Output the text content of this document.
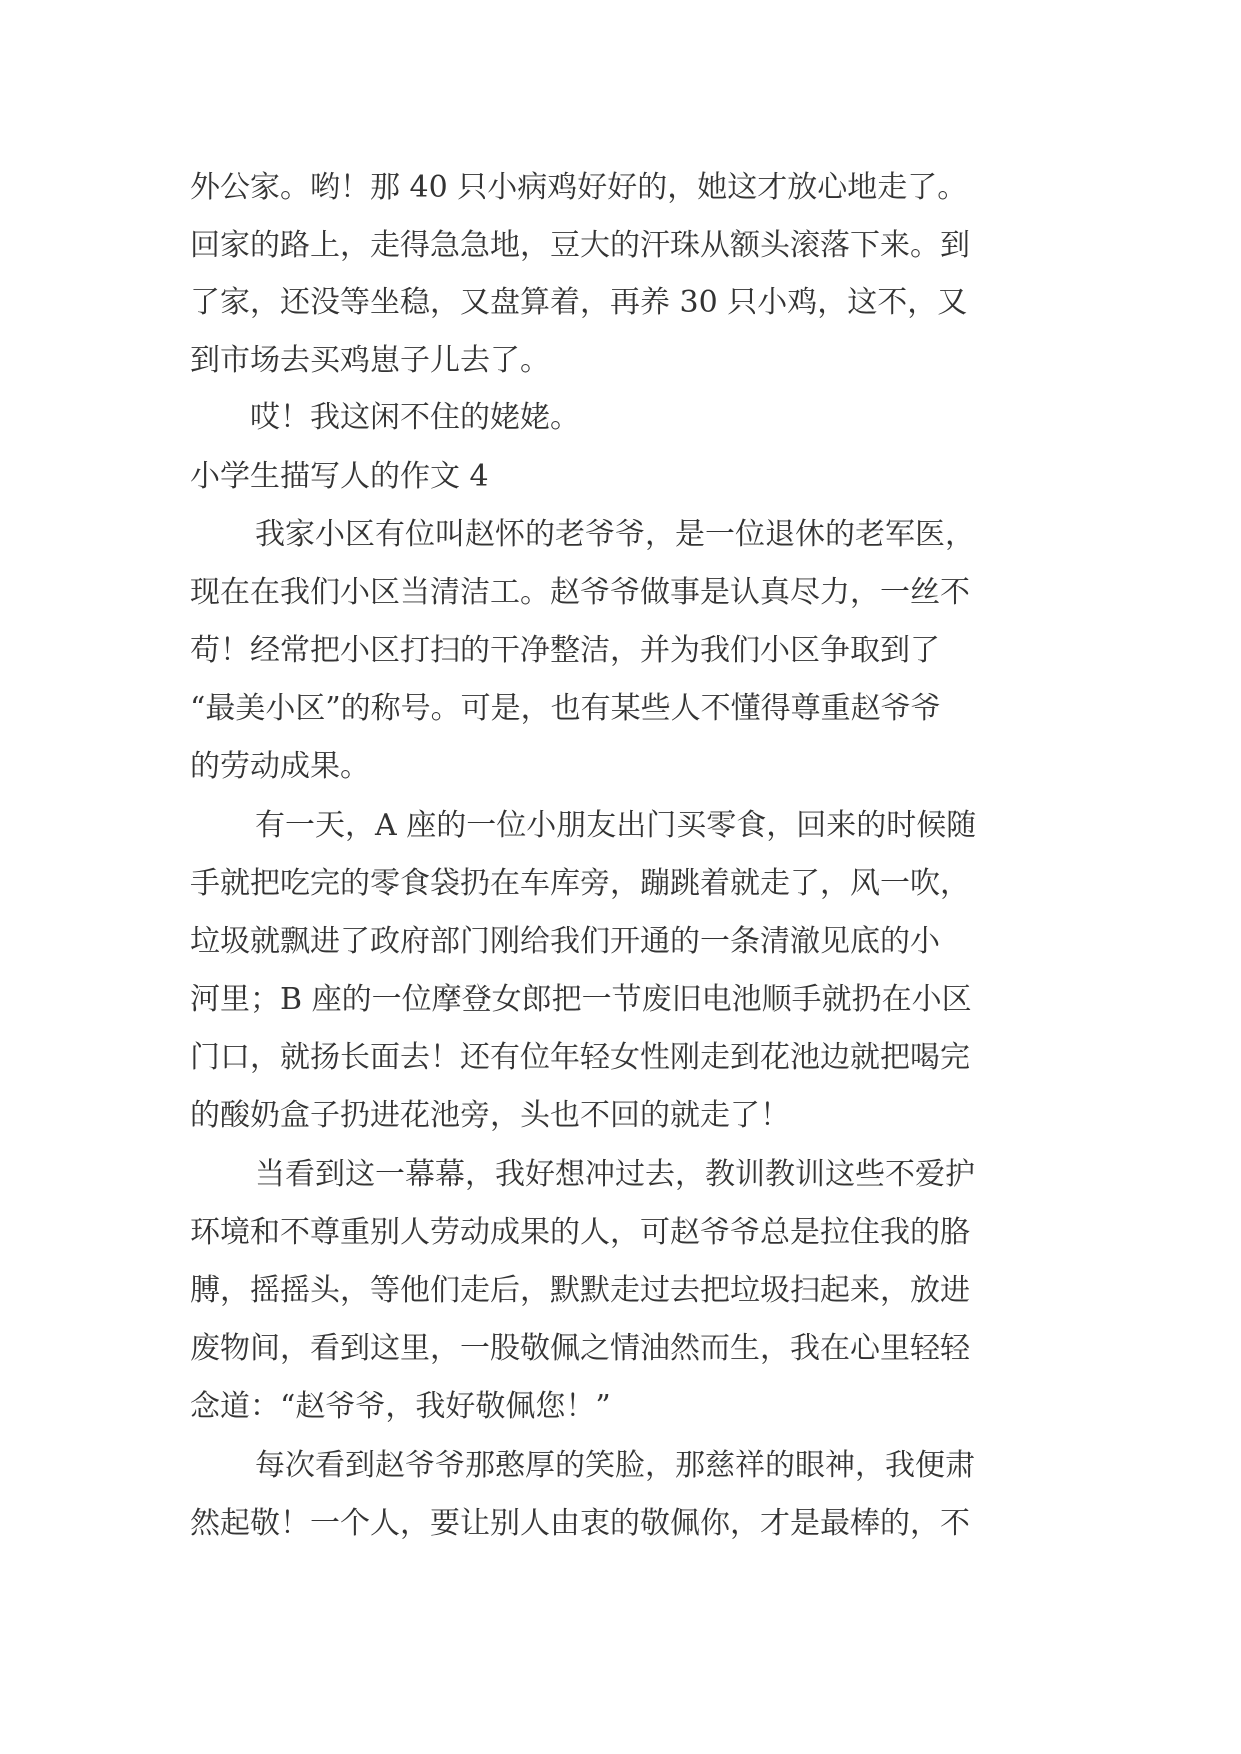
外公家。哟！那 40 只小病鸡好好的，她这才放心地走了。

回家的路上，走得急急地，豆大的汗珠从额头滚落下来。到

了家，还没等坐稳，又盘算着，再养 30 只小鸡，这不，又

到市场去买鸡崽子儿去了。

哎！我这闲不住的姥姥。

小学生描写人的作文 4

我家小区有位叫赵怀的老爷爷，是一位退休的老军医，

现在在我们小区当清洁工。赵爷爷做事是认真尽力，一丝不

苟！经常把小区打扫的干净整洁，并为我们小区争取到了

“最美小区”的称号。可是，也有某些人不懂得尊重赵爷爷

的劳动成果。

有一天，A 座的一位小朋友出门买零食，回来的时候随

手就把吃完的零食袋扔在车库旁，蹦跳着就走了，风一吹，

垃圾就飘进了政府部门刚给我们开通的一条清澈见底的小

河里；B 座的一位摩登女郎把一节废旧电池顺手就扔在小区

门口，就扬长面去！还有位年轻女性刚走到花池边就把喝完

的酸奶盒子扔进花池旁，头也不回的就走了！

当看到这一幕幕，我好想冲过去，教训教训这些不爱护

环境和不尊重别人劳动成果的人，可赵爷爷总是拉住我的胳

膊，摇摇头，等他们走后，默默走过去把垃圾扫起来，放进

废物间，看到这里，一股敬佩之情油然而生，我在心里轻轻

念道：“赵爷爷，我好敬佩您！”

每次看到赵爷爷那憨厚的笑脸，那慈祥的眼神，我便肃

然起敬！一个人，要让别人由衷的敬佩你，才是最棒的，不
